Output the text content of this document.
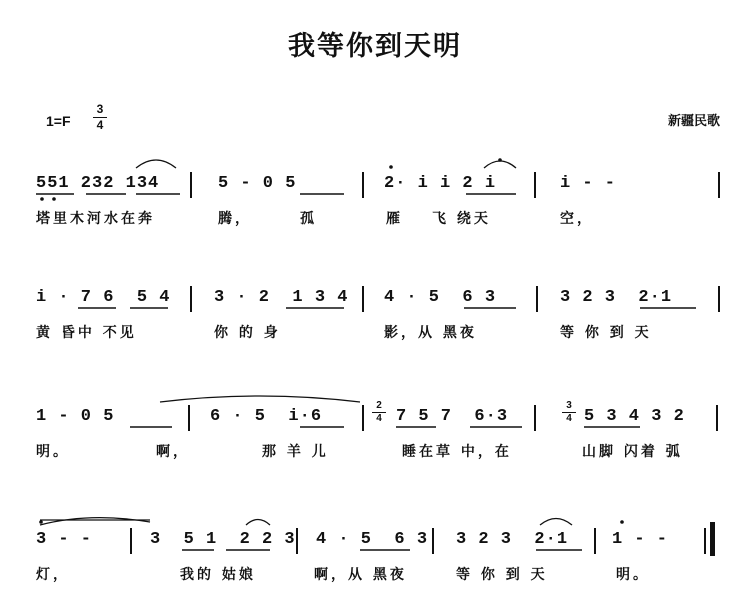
我等你到天明
1=F
3
4	新疆民歌
551 232 134	5 - 0 5	2· i i 2 i	i - -
塔里木河水在奔	腾，	孤	雁 飞 绕天	空，
i · 7 6  5 4	3 · 2  1 3 4 4 · 5  6 3	3 2 3  2·1
黄 昏中 不见	你 的 身	影，从 黑夜	等 你 到 天
1 - 0 5	6 · 5  i·6
2
4 7 5 7  6·3
3
4 5 3 4 3 2
明。	啊，	那 羊 儿	睡在草 中，在	山脚 闪着 弧
3 - -	3  5 1  2 2 3 4 · 5  6 3 3 2 3  2·1	1 - -
灯，	我的 姑娘	啊，从 黑夜	等 你 到 天	明。
